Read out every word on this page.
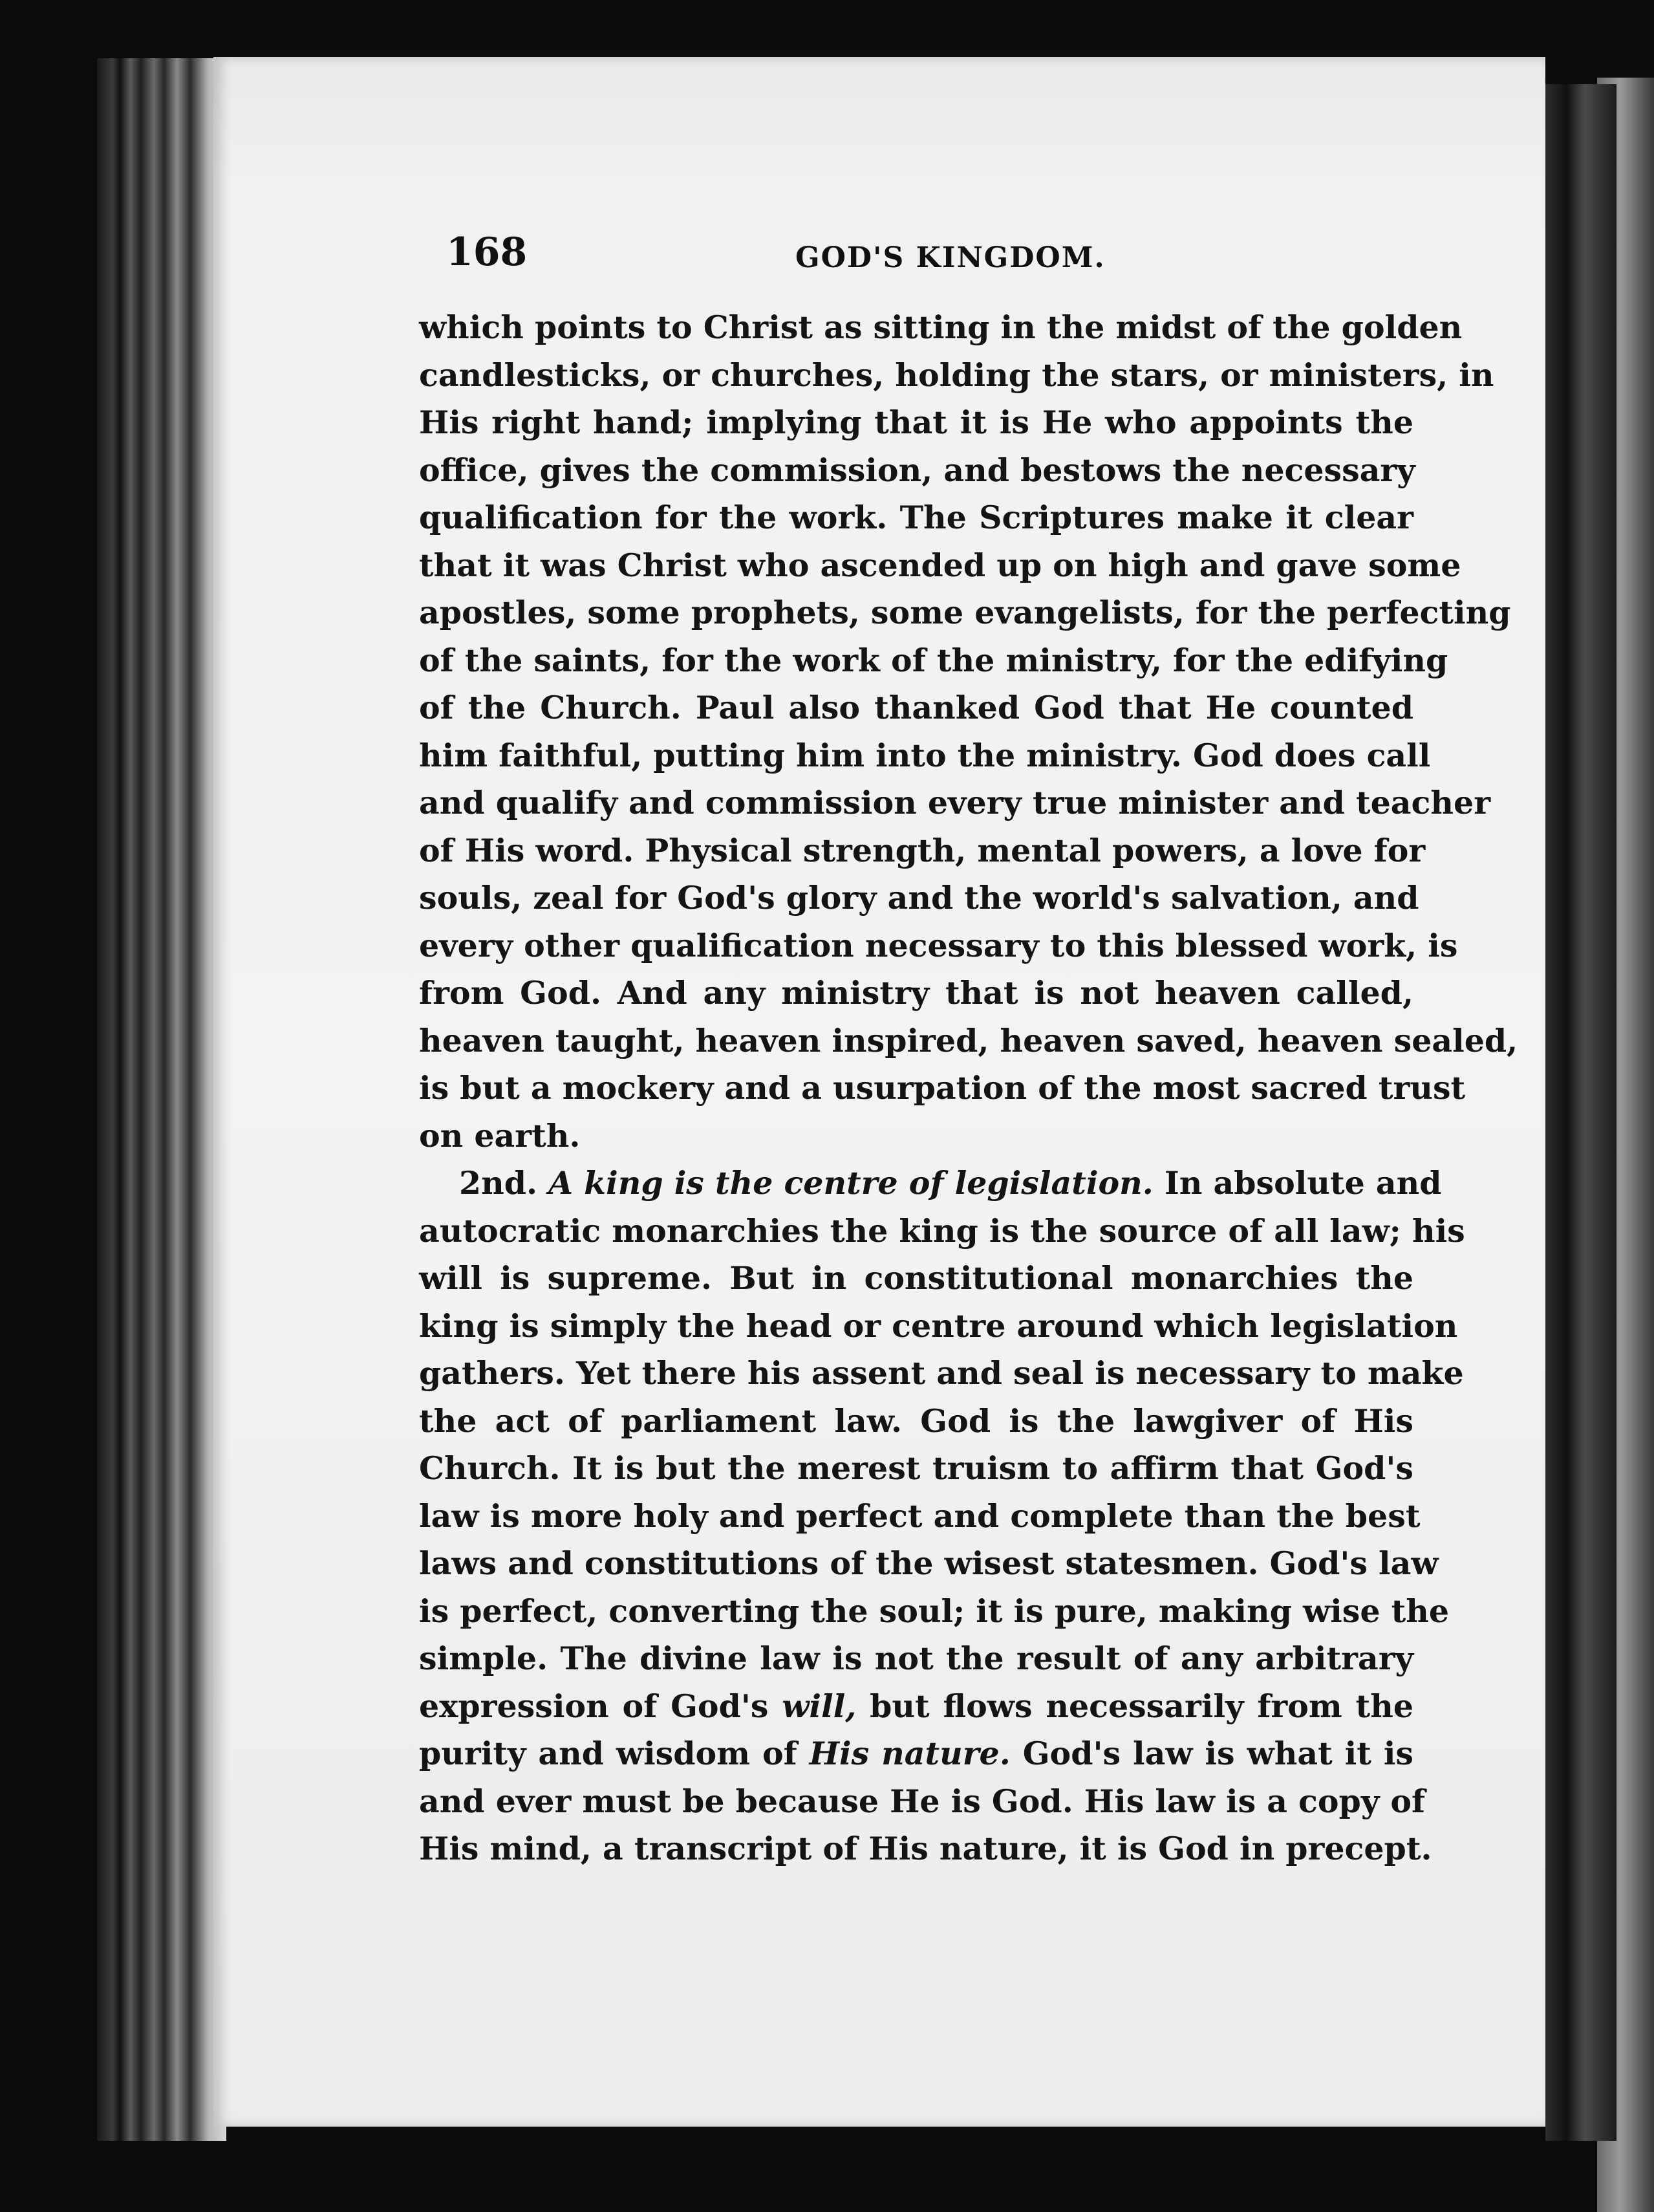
168	GOD'S KINGDOM.
which points to Christ as sitting in the midst of the golden
candlesticks, or churches, holding the stars, or ministers, in
His right hand; implying that it is He who appoints the
office, gives the commission, and bestows the necessary
qualification for the work. The Scriptures make it clear
that it was Christ who ascended up on high and gave some
apostles, some prophets, some evangelists, for the perfecting
of the saints, for the work of the ministry, for the edifying
of the Church. Paul also thanked God that He counted
him faithful, putting him into the ministry. God does call
and qualify and commission every true minister and teacher
of His word. Physical strength, mental powers, a love for
souls, zeal for God's glory and the world's salvation, and
every other qualification necessary to this blessed work, is
from God. And any ministry that is not heaven called,
heaven taught, heaven inspired, heaven saved, heaven sealed,
is but a mockery and a usurpation of the most sacred trust
on earth.
2nd. A king is the centre of legislation. In absolute and
autocratic monarchies the king is the source of all law; his
will is supreme. But in constitutional monarchies the
king is simply the head or centre around which legislation
gathers. Yet there his assent and seal is necessary to make
the act of parliament law. God is the lawgiver of His
Church. It is but the merest truism to affirm that God's
law is more holy and perfect and complete than the best
laws and constitutions of the wisest statesmen. God's law
is perfect, converting the soul; it is pure, making wise the
simple. The divine law is not the result of any arbitrary
expression of God's will, but flows necessarily from the
purity and wisdom of His nature. God's law is what it is
and ever must be because He is God. His law is a copy of
His mind, a transcript of His nature, it is God in precept.
